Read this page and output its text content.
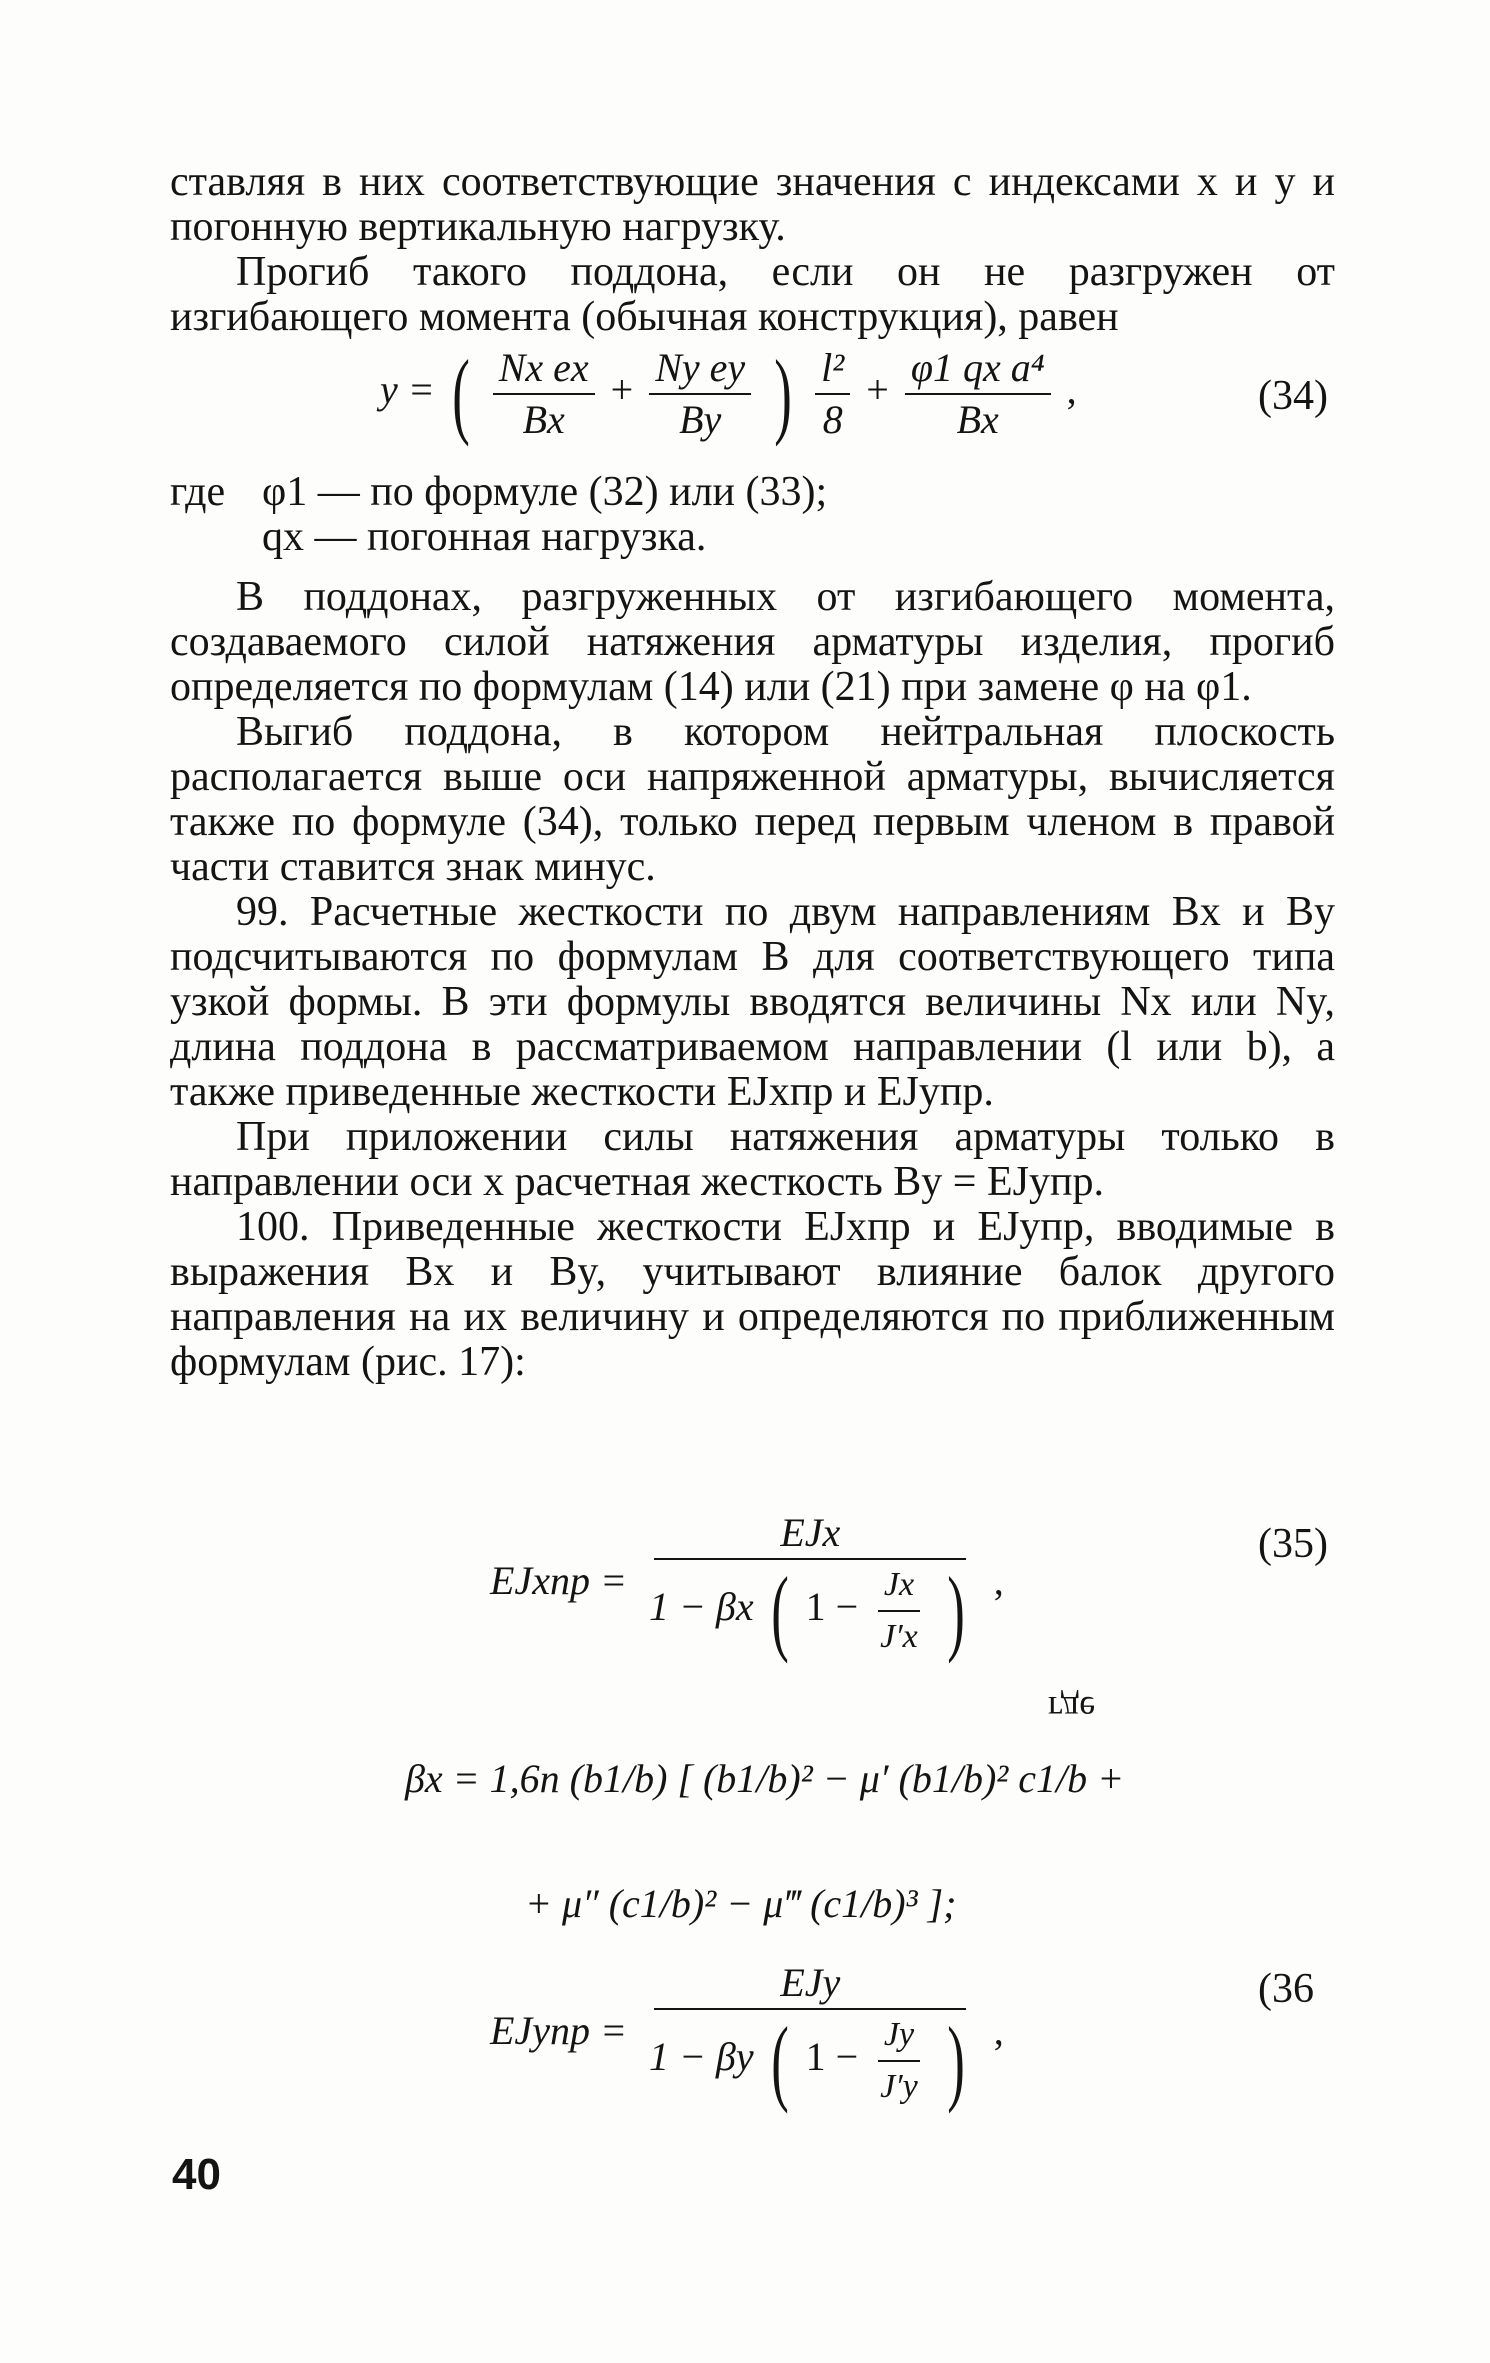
ставляя в них соответствующие значения с индексами x и y и погонную вертикальную нагрузку.

Прогиб такого поддона, если он не разгружен от изгибающего момента (обычная конструкция), равен

y = ( $\frac{\text{Nx ex}}{Bx} + \frac{\text{Ny ey}}{By}$ ) $\frac{\text{l²}}{8} + \frac{\text{φ1 qx a⁴}}{Bx}$ ,	(34)
где φ1 — по формуле (32) или (33);
qx — погонная нагрузка.

В поддонах, разгруженных от изгибающего момента, создаваемого силой натяжения арматуры изделия, прогиб определяется по формулам (14) или (21) при замене φ на φ1.

Выгиб поддона, в котором нейтральная плоскость располагается выше оси напряженной арматуры, вычисляется также по формуле (34), только перед первым членом в правой части ставится знак минус.

99. Расчетные жесткости по двум направлениям Bx и By подсчитываются по формулам B для соответствующего типа узкой формы. В эти формулы вводятся величины Nx или Ny, длина поддона в рассматриваемом направлении (l или b), а также приведенные жесткости EJxпр и EJyпр.

При приложении силы натяжения арматуры только в направлении оси x расчетная жесткость By = EJyпр.

100. Приведенные жесткости EJxпр и EJyпр, вводимые в выражения Bx и By, учитывают влияние балок другого направления на их величину и определяются по приближенным формулам (рис. 17):

EJxпр = $\frac{\text{EJx}}{1 - \beta x ( 1 - \frac{Jx}{J'x} )}$ ,
(35)
где
βx = 1,6n (b1/b) [ (b1/b)² − μ′ (b1/b)² c1/b +
+ μ″ (c1/b)² − μ‴ (c1/b)³ ];
EJyпр = $\frac{\text{EJy}}{1 - \beta y ( 1 - \frac{Jy}{J'y} )}$ ,
(36
40
